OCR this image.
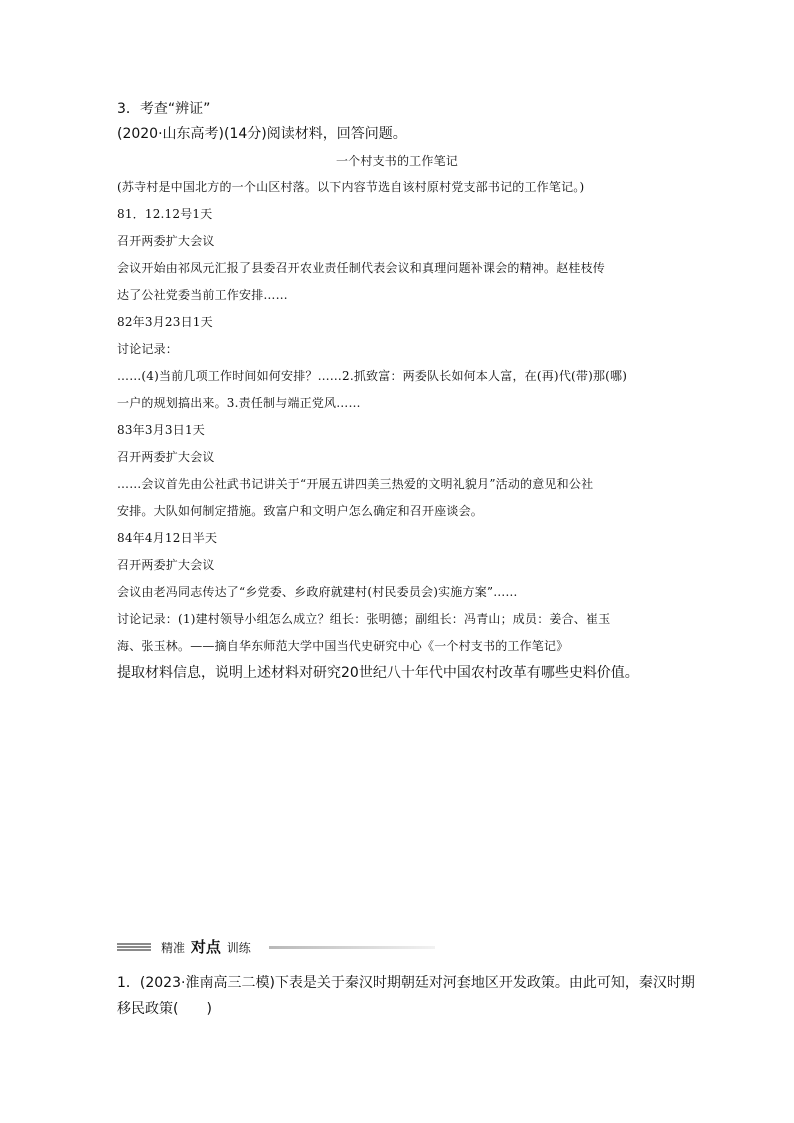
3．考查“辨证”
(2020·山东高考)(14分)阅读材料，回答问题。
一个村支书的工作笔记
(苏寺村是中国北方的一个山区村落。以下内容节选自该村原村党支部书记的工作笔记。)
81．12.12号1天
召开两委扩大会议
会议开始由祁凤元汇报了县委召开农业责任制代表会议和真理问题补课会的精神。赵桂枝传
达了公社党委当前工作安排……
82年3月23日1天
讨论记录：
……(4)当前几项工作时间如何安排？……2.抓致富：两委队长如何本人富，在(再)代(带)那(哪)
一户的规划搞出来。3.责任制与端正党风……
83年3月3日1天
召开两委扩大会议
……会议首先由公社武书记讲关于“开展五讲四美三热爱的文明礼貌月”活动的意见和公社
安排。大队如何制定措施。致富户和文明户怎么确定和召开座谈会。
84年4月12日半天
召开两委扩大会议
会议由老冯同志传达了“乡党委、乡政府就建村(村民委员会)实施方案”……
讨论记录：(1)建村领导小组怎么成立？组长：张明德；副组长：冯青山；成员：姜合、崔玉
海、张玉林。——摘自华东师范大学中国当代史研究中心《一个村支书的工作笔记》
提取材料信息，说明上述材料对研究20世纪八十年代中国农村改革有哪些史料价值。
精准 对点 训练
1．(2023·淮南高三二模)下表是关于秦汉时期朝廷对河套地区开发政策。由此可知，秦汉时期
移民政策(　　)
